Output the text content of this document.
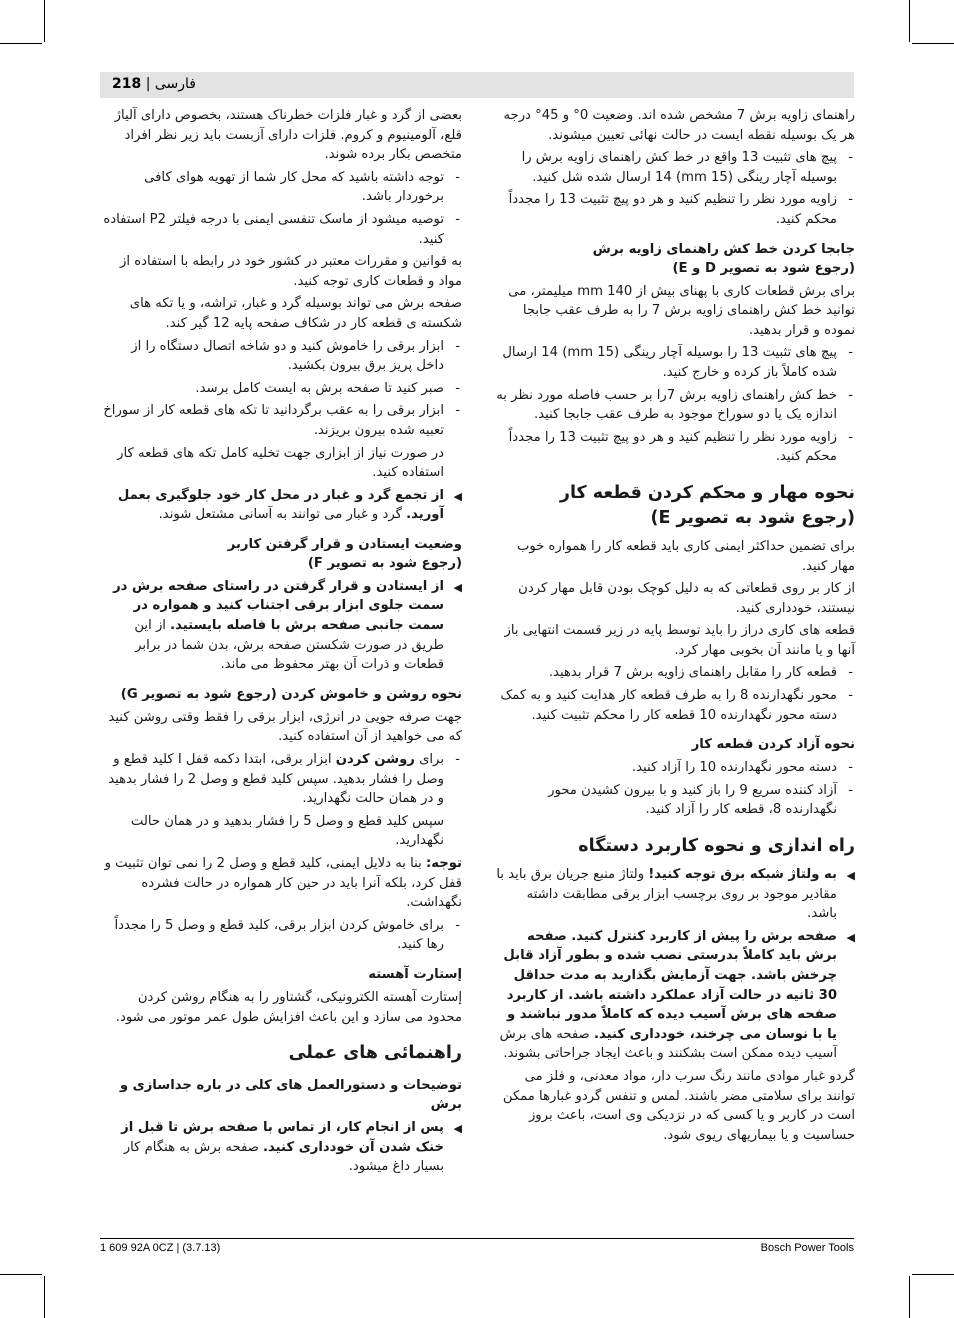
218 | فارسی

راهنمای زاویه برش 7 مشخص شده اند. وضعیت 0° و 45° درجه هر یک بوسیله نقطه ایست در حالت نهائی تعیین میشوند.

- پیچ های تثبیت 13 واقع در خط کش راهنمای زاویه برش را بوسیله آچار رینگی (15 mm) 14 ارسال شده شل کنید.

- زاویه مورد نظر را تنظیم کنید و هر دو پیچ تثبیت 13 را مجدداً محکم کنید.

جابجا کردن خط کش راهنمای زاویه برش
(رجوع شود به تصویر D و E)

برای برش قطعات کاری با پهنای بیش از 140 mm میلیمتر، می توانید خط کش راهنمای زاویه برش 7 را به طرف عقب جابجا نموده و قرار بدهید.

- پیچ های تثبیت 13 را بوسیله آچار رینگی (15 mm) 14 ارسال شده کاملاً باز کرده و خارج کنید.

- خط کش راهنمای زاویه برش 7را بر حسب فاصله مورد نظر به اندازه یک یا دو سوراخ موجود به طرف عقب جابجا کنید.

- زاویه مورد نظر را تنظیم کنید و هر دو پیچ تثبیت 13 را مجدداً محکم کنید.

نحوه مهار و محکم کردن قطعه کار
(رجوع شود به تصویر E)

برای تضمین حداکثر ایمنی کاری باید قطعه کار را همواره خوب مهار کنید.

از کار بر روی قطعاتی که به دلیل کوچک بودن قابل مهار کردن نیستند، خودداری کنید.

قطعه های کاری دراز را باید توسط پایه در زیر قسمت انتهایی باز آنها و یا مانند آن بخوبی مهار کرد.

- قطعه کار را مقابل راهنمای زاویه برش 7 قرار بدهید.

- محور نگهدارنده 8 را به طرف قطعه کار هدایت کنید و به کمک دسته محور نگهدارنده 10 قطعه کار را محکم تثبیت کنید.

نحوه آزاد کردن قطعه کار

- دسته محور نگهدارنده 10 را آزاد کنید.

- آزاد کننده سریع 9 را باز کنید و با بیرون کشیدن محور نگهدارنده 8، قطعه کار را آزاد کنید.

راه اندازی و نحوه کاربرد دستگاه

◀ به ولتاژ شبکه برق توجه کنید! ولتاژ منبع جریان برق باید با مقادیر موجود بر روی برچسب ابزار برقی مطابقت داشته باشد.

◀ صفحه برش را پیش از کاربرد کنترل کنید. صفحه برش باید کاملاً بدرستی نصب شده و بطور آزاد قابل چرخش باشد. جهت آزمایش بگذارید به مدت حداقل 30 ثانیه در حالت آزاد عملکرد داشته باشد. از کاربرد صفحه های برش آسیب دیده که کاملاً مدور نباشند و یا با نوسان می چرخند، خودداری کنید. صفحه های برش آسیب دیده ممکن است بشکنند و باعث ایجاد جراحاتی بشوند.

گردو غبار موادی مانند رنگ سرب دار، مواد معدنی، و فلز می توانند برای سلامتی مضر باشند. لمس و تنفس گردو غبارها ممکن است در کاربر و یا کسی که در نزدیکی وی است، باعث بروز حساسیت و یا بیماریهای ریوی شود.

بعضی از گرد و غبار فلزات خطرناک هستند، بخصوص دارای آلیاژ قلع، آلومینیوم و کروم. فلزات دارای آزبست باید زیر نظر افراد متخصص بکار برده شوند.

- توجه داشته باشید که محل کار شما از تهویه هوای کافی برخوردار باشد.

- توصیه میشود از ماسک تنفسی ایمنی با درجه فیلتر P2 استفاده کنید.

به قوانین و مقررات معتبر در کشور خود در رابطه با استفاده از مواد و قطعات کاری توجه کنید.

صفحه برش می تواند بوسیله گرد و غبار، تراشه، و یا تکه های شکسته ی قطعه کار در شکاف صفحه پایه 12 گیر کند.

- ابزار برقی را خاموش کنید و دو شاخه اتصال دستگاه را از داخل پریز برق بیرون بکشید.

- صبر کنید تا صفحه برش به ایست کامل برسد.

- ابزار برقی را به عقب برگردانید تا تکه های قطعه کار از سوراخ تعبیه شده بیرون بریزند.

در صورت نیاز از ابزاری جهت تخلیه کامل تکه های قطعه کار استفاده کنید.

◀ از تجمع گرد و غبار در محل کار خود جلوگیری بعمل آورید. گرد و غبار می توانند به آسانی مشتعل شوند.

وضعیت ایستادن و قرار گرفتن کاربر
(رجوع شود به تصویر F)

◀ از ایستادن و قرار گرفتن در راستای صفحه برش در سمت جلوی ابزار برقی اجتناب کنید و همواره در سمت جانبی صفحه برش با فاصله بایستید. از این طریق در صورت شکستن صفحه برش، بدن شما در برابر قطعات و ذرات آن بهتر محفوظ می ماند.

نحوه روشن و خاموش کردن (رجوع شود به تصویر G)

جهت صرفه جویی در انرژی، ابزار برقی را فقط وقتی روشن کنید که می خواهید از آن استفاده کنید.

- برای روشن کردن ابزار برقی، ابتدا دکمه قفل I کلید قطع و وصل را فشار بدهید. سپس کلید قطع و وصل 2 را فشار بدهید و در همان حالت نگهدارید.

سپس کلید قطع و وصل 5 را فشار بدهید و در همان حالت نگهدارید.

توجه: بنا به دلایل ایمنی، کلید قطع و وصل 2 را نمی توان تثبیت و قفل کرد، بلکه آنرا باید در حین کار همواره در حالت فشرده نگهداشت.

- برای خاموش کردن ابزار برقی، کلید قطع و وصل 5 را مجدداً رها کنید.

إستارت آهسته

إستارت آهسته الکترونیکی، گشتاور را به هنگام روشن کردن محدود می سازد و این باعث افزایش طول عمر موتور می شود.

راهنمائی های عملی
توضیحات و دستورالعمل های کلی در باره جداسازی و برش

◀ پس از انجام کار، از تماس با صفحه برش تا قبل از خنک شدن آن خودداری کنید. صفحه برش به هنگام کار بسیار داغ میشود.

1 609 92A 0CZ | (3.7.13)	Bosch Power Tools
